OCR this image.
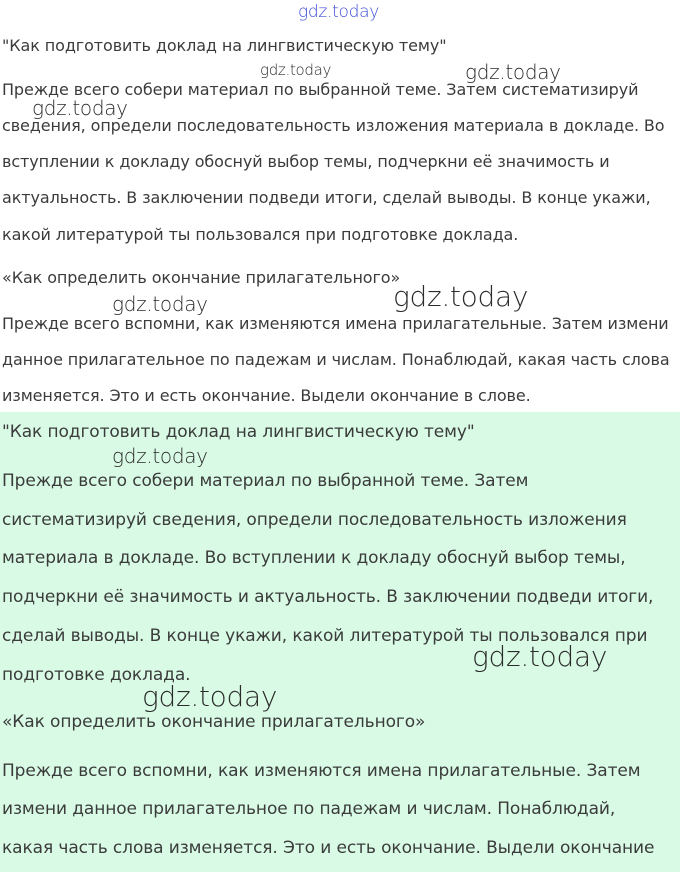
gdz.today
"Как подготовить доклад на лингвистическую тему"
Прежде всего собери материал по выбранной теме. Затем систематизируй
сведения, определи последовательность изложения материала в докладе. Во
вступлении к докладу обоснуй выбор темы, подчеркни её значимость и
актуальность. В заключении подведи итоги, сделай выводы. В конце укажи,
какой литературой ты пользовался при подготовке доклада.
«Как определить окончание прилагательного»
Прежде всего вспомни, как изменяются имена прилагательные. Затем измени
данное прилагательное по падежам и числам. Понаблюдай, какая часть слова
изменяется. Это и есть окончание. Выдели окончание в слове.
"Как подготовить доклад на лингвистическую тему"
Прежде всего собери материал по выбранной теме. Затем
систематизируй сведения, определи последовательность изложения
материала в докладе. Во вступлении к докладу обоснуй выбор темы,
подчеркни её значимость и актуальность. В заключении подведи итоги,
сделай выводы. В конце укажи, какой литературой ты пользовался при
подготовке доклада.
«Как определить окончание прилагательного»
Прежде всего вспомни, как изменяются имена прилагательные. Затем
измени данное прилагательное по падежам и числам. Понаблюдай,
какая часть слова изменяется. Это и есть окончание. Выдели окончание
gdz.today	gdz.today
gdz.today
gdz.today	gdz.today
gdz.today
gdz.today
gdz.today
